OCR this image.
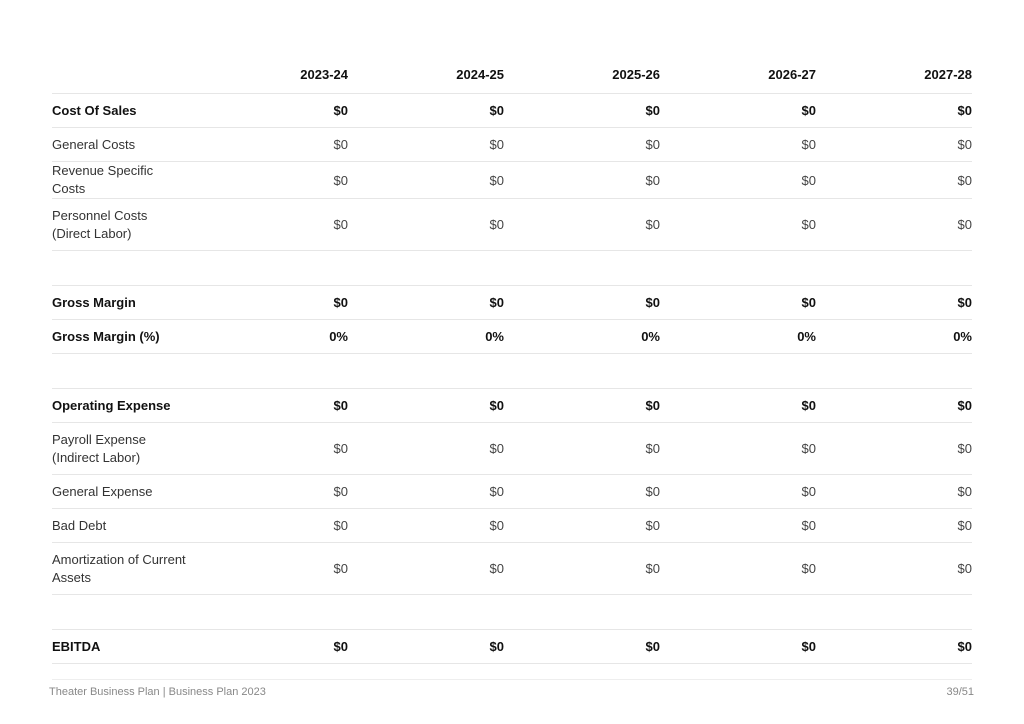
	2023-24	2024-25	2025-26	2026-27	2027-28
Cost Of Sales	$0	$0	$0	$0	$0
General Costs	$0	$0	$0	$0	$0
Revenue Specific Costs	$0	$0	$0	$0	$0
Personnel Costs (Direct Labor)	$0	$0	$0	$0	$0

Gross Margin	$0	$0	$0	$0	$0
Gross Margin (%)	0%	0%	0%	0%	0%

Operating Expense	$0	$0	$0	$0	$0
Payroll Expense (Indirect Labor)	$0	$0	$0	$0	$0
General Expense	$0	$0	$0	$0	$0
Bad Debt	$0	$0	$0	$0	$0
Amortization of Current Assets	$0	$0	$0	$0	$0

EBITDA	$0	$0	$0	$0	$0
Theater Business Plan | Business Plan 2023	39/51
